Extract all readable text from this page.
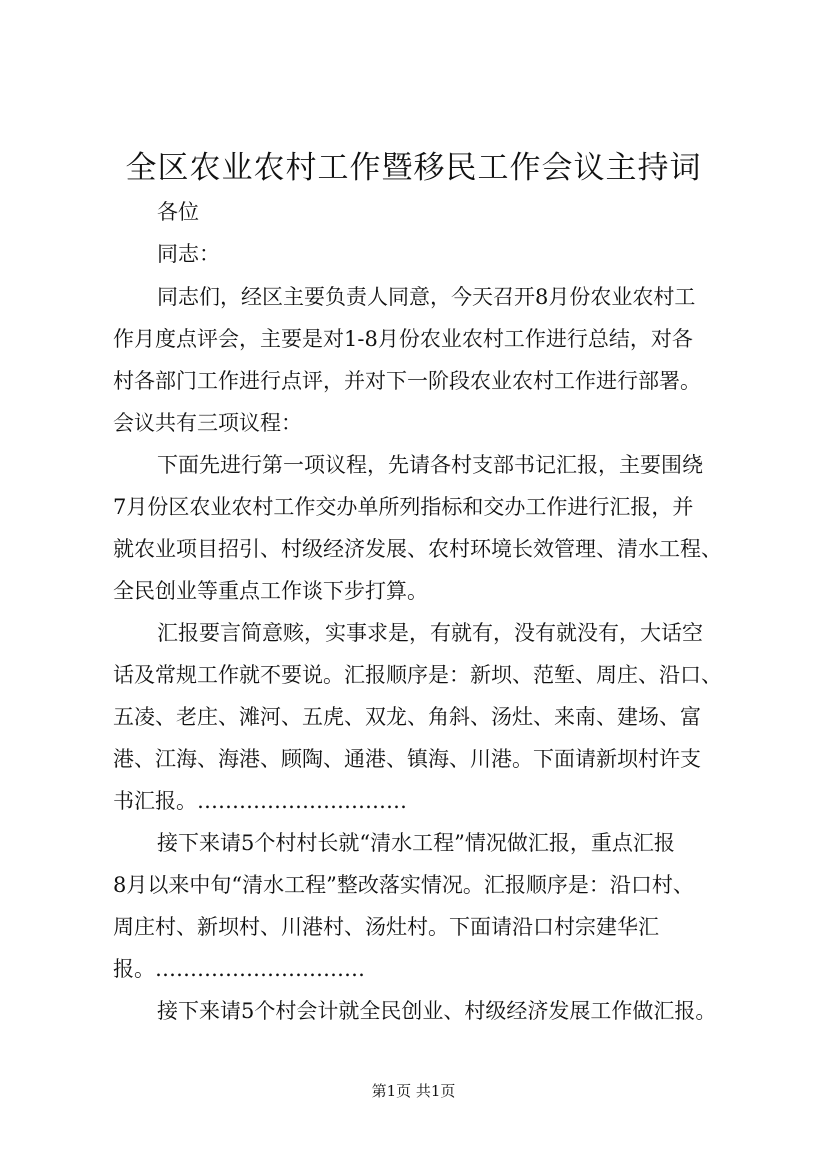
全区农业农村工作暨移民工作会议主持词
各位
同志：
同志们，经区主要负责人同意，今天召开8月份农业农村工
作月度点评会，主要是对1-8月份农业农村工作进行总结，对各
村各部门工作进行点评，并对下一阶段农业农村工作进行部署。
会议共有三项议程：
下面先进行第一项议程，先请各村支部书记汇报，主要围绕
7月份区农业农村工作交办单所列指标和交办工作进行汇报，并
就农业项目招引、村级经济发展、农村环境长效管理、清水工程、
全民创业等重点工作谈下步打算。
汇报要言简意赅，实事求是，有就有，没有就没有，大话空
话及常规工作就不要说。汇报顺序是：新坝、范堑、周庄、沿口、
五凌、老庄、滩河、五虎、双龙、角斜、汤灶、来南、建场、富
港、江海、海港、顾陶、通港、镇海、川港。下面请新坝村许支
书汇报。…………………………
接下来请5个村村长就“清水工程”情况做汇报，重点汇报
8月以来中旬“清水工程”整改落实情况。汇报顺序是：沿口村、
周庄村、新坝村、川港村、汤灶村。下面请沿口村宗建华汇
报。…………………………
接下来请5个村会计就全民创业、村级经济发展工作做汇报。
第1页 共1页
